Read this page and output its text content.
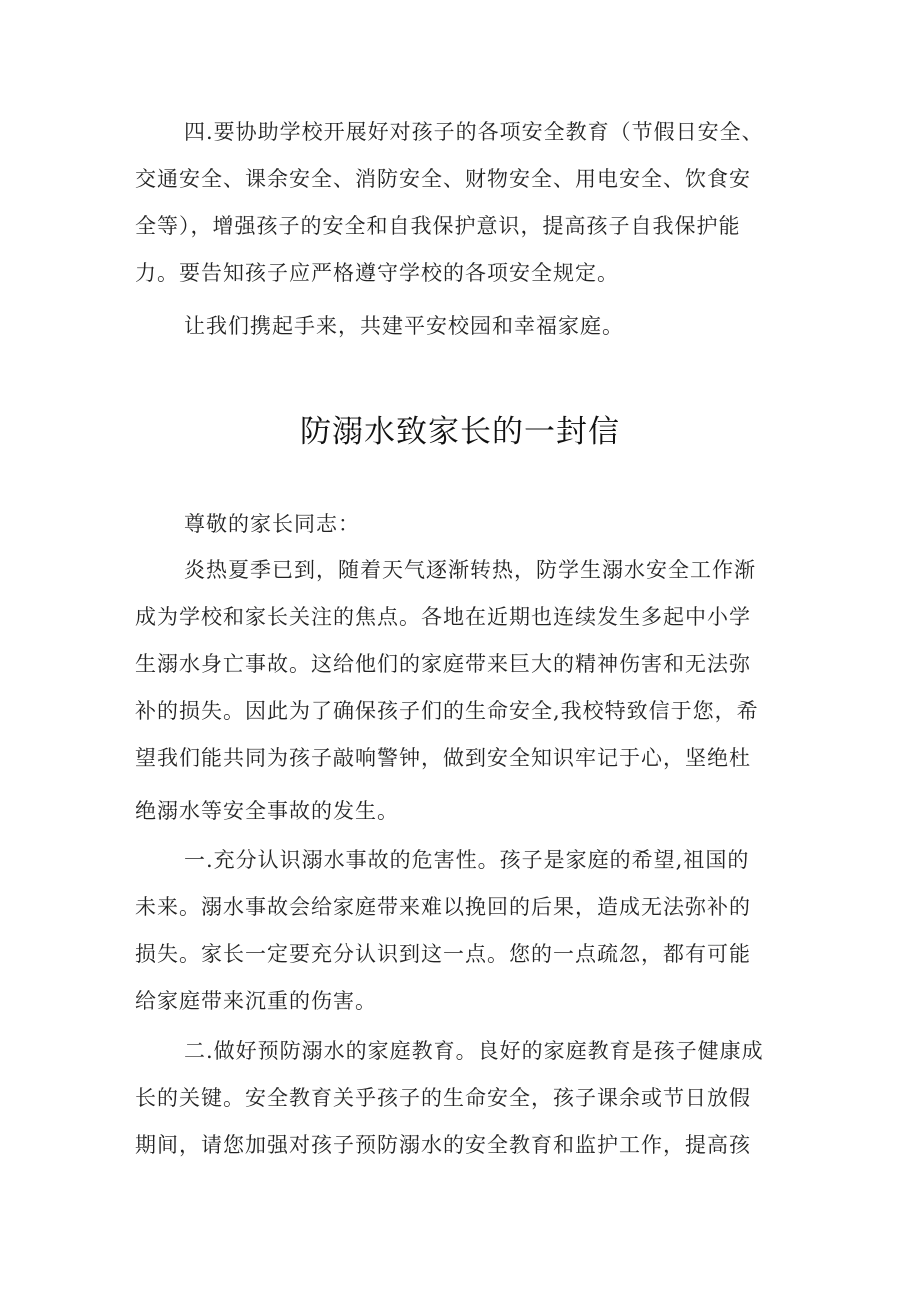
四.要协助学校开展好对孩子的各项安全教育（节假日安全、
交通安全、课余安全、消防安全、财物安全、用电安全、饮食安
全等），增强孩子的安全和自我保护意识，提高孩子自我保护能
力。要告知孩子应严格遵守学校的各项安全规定。
让我们携起手来，共建平安校园和幸福家庭。
防溺水致家长的一封信
尊敬的家长同志：
炎热夏季已到，随着天气逐渐转热，防学生溺水安全工作渐
成为学校和家长关注的焦点。各地在近期也连续发生多起中小学
生溺水身亡事故。这给他们的家庭带来巨大的精神伤害和无法弥
补的损失。因此为了确保孩子们的生命安全,我校特致信于您，希
望我们能共同为孩子敲响警钟，做到安全知识牢记于心，坚绝杜
绝溺水等安全事故的发生。
一.充分认识溺水事故的危害性。孩子是家庭的希望,祖国的
未来。溺水事故会给家庭带来难以挽回的后果，造成无法弥补的
损失。家长一定要充分认识到这一点。您的一点疏忽，都有可能
给家庭带来沉重的伤害。
二.做好预防溺水的家庭教育。良好的家庭教育是孩子健康成
长的关键。安全教育关乎孩子的生命安全，孩子课余或节日放假
期间，请您加强对孩子预防溺水的安全教育和监护工作，提高孩
